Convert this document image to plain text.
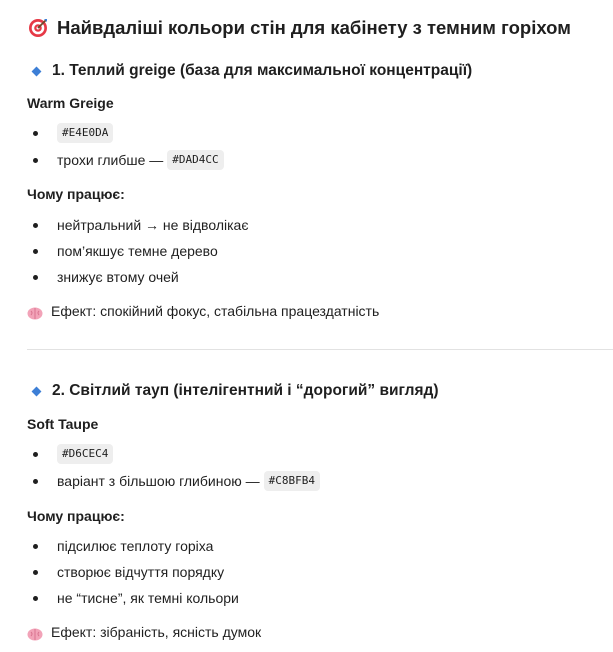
Найвдаліші кольори стін для кабінету з темним горіхом
1. Теплий greige (база для максимальної концентрації)
Warm Greige
#E4E0DA
трохи глибше — #DAD4CC
Чому працює:
нейтральний → не відволікає
пом’якшує темне дерево
знижує втому очей
Ефект: спокійний фокус, стабільна працездатність
2. Світлий тауп (інтелігентний і “дорогий” вигляд)
Soft Taupe
#D6CEC4
варіант з більшою глибиною — #C8BFB4
Чому працює:
підсилює теплоту горіха
створює відчуття порядку
не “тисне”, як темні кольори
Ефект: зібраність, ясність думок
